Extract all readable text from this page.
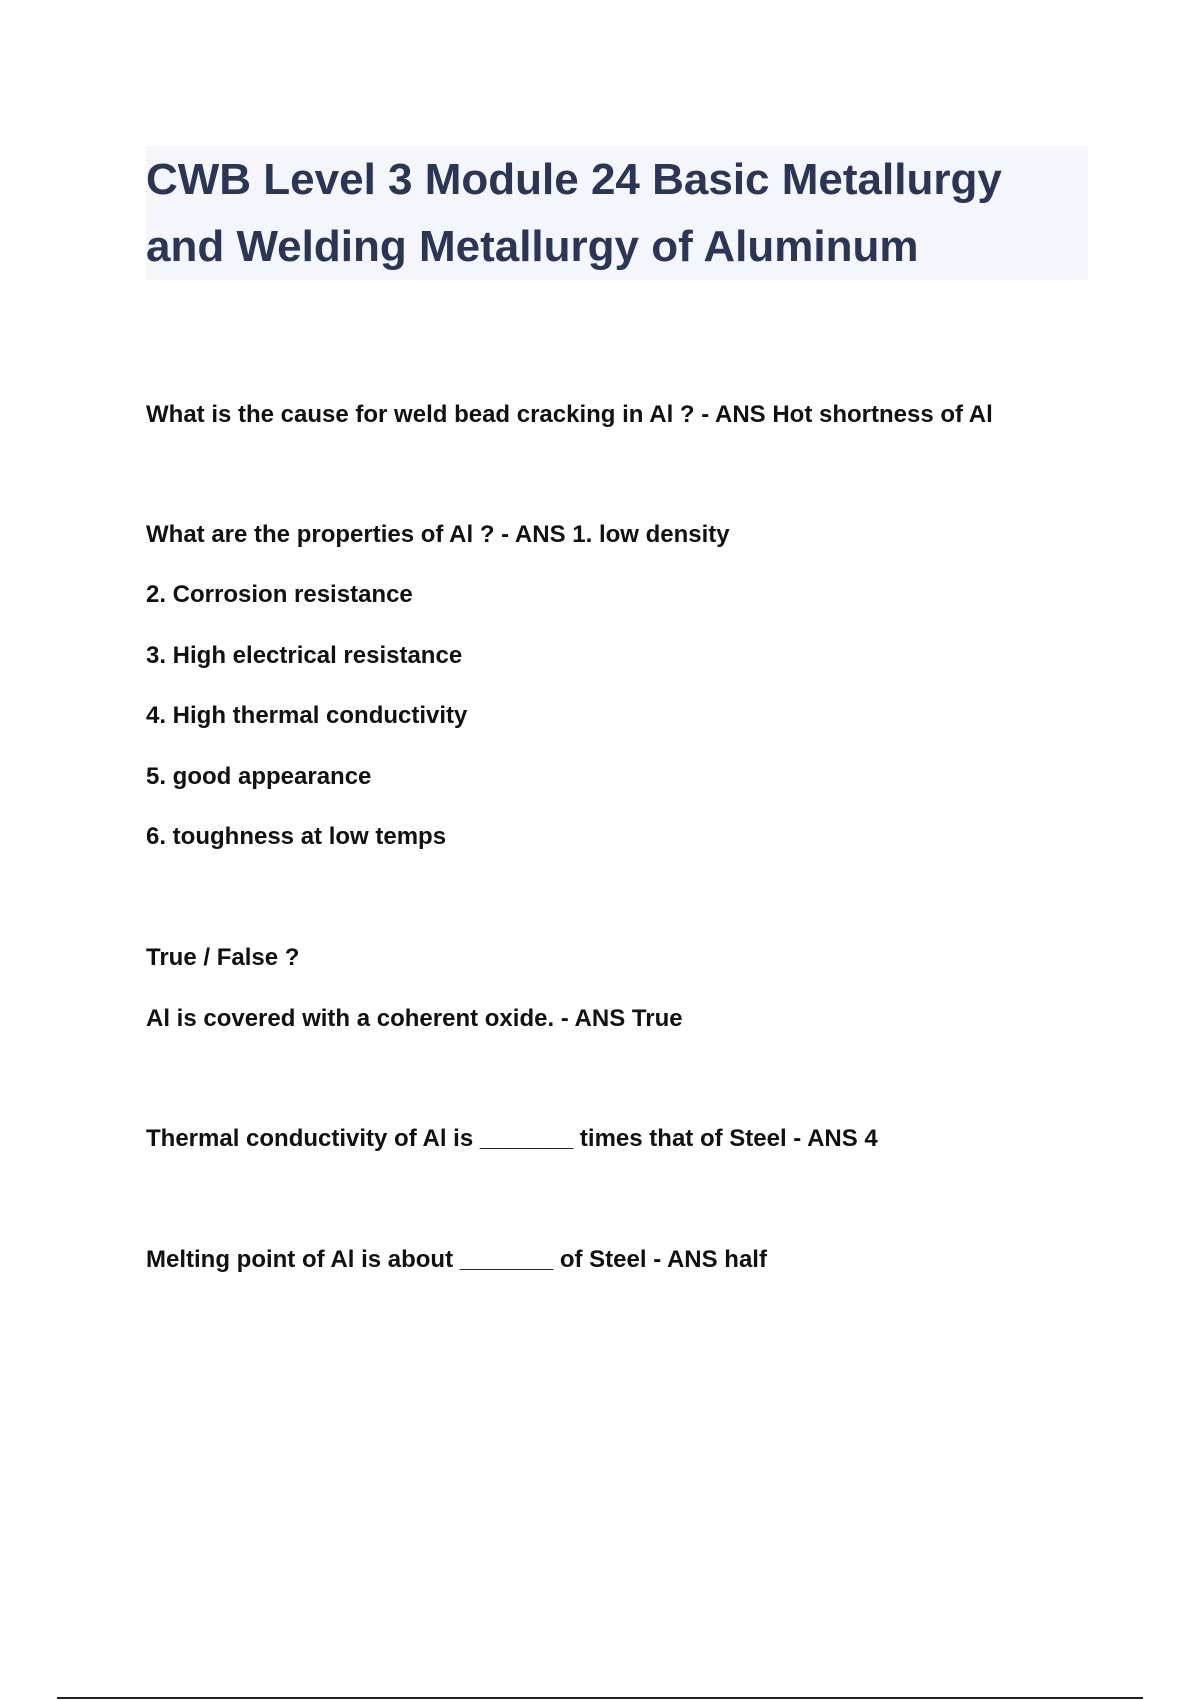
CWB Level 3 Module 24 Basic Metallurgy
and Welding Metallurgy of Aluminum

What is the cause for weld bead cracking in Al ? - ANS Hot shortness of Al

What are the properties of Al ? - ANS 1. low density

2. Corrosion resistance

3. High electrical resistance

4. High thermal conductivity

5. good appearance

6. toughness at low temps

True / False ?

Al is covered with a coherent oxide. - ANS True

Thermal conductivity of Al is _______ times that of Steel - ANS 4

Melting point of Al is about _______ of Steel - ANS half
